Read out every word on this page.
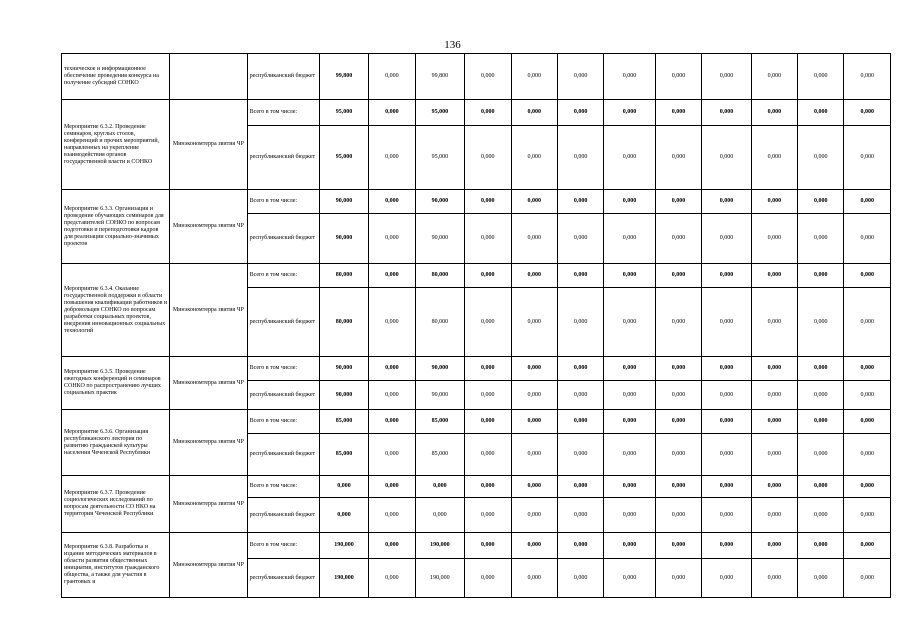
136
техническое и информационное обеспечение проведения конкурса на получение субсидий СОНКО		республиканский бюджет	99,800	0,000	99,800	0,000	0,000	0,000	0,000	0,000	0,000	0,000	0,000	0,000
Мероприятие 6.3.2. Проведение семинаров, круглых столов, конференций и прочих мероприятий, направленных на укрепление взаимодействия органов государственной власти и СОНКО	Минэкономтерра звития ЧР	Всего в том числе:	95,000	0,000	95,000	0,000	0,000	0,000	0,000	0,000	0,000	0,000	0,000	0,000
		республиканский бюджет	95,000	0,000	95,000	0,000	0,000	0,000	0,000	0,000	0,000	0,000	0,000	0,000
Мероприятие 6.3.3. Организация и проведение обучающих семинаров для представителей СОНКО по вопросам подготовки и переподготовки кадров для реализации социально-значимых проектов	Минэкономтерра звития ЧР	Всего в том числе:	90,000	0,000	90,000	0,000	0,000	0,000	0,000	0,000	0,000	0,000	0,000	0,000
		республиканский бюджет	90,000	0,000	90,000	0,000	0,000	0,000	0,000	0,000	0,000	0,000	0,000	0,000
Мероприятие 6.3.4. Оказание государственной поддержки в области повышения квалификации работников и добровольцев СОНКО по вопросам разработки социальных проектов, внедрения инновационных социальных технологий	Минэкономтерра звития ЧР	Всего в том числе:	80,000	0,000	80,000	0,000	0,000	0,000	0,000	0,000	0,000	0,000	0,000	0,000
		республиканский бюджет	80,000	0,000	80,000	0,000	0,000	0,000	0,000	0,000	0,000	0,000	0,000	0,000
Мероприятие 6.3.5. Проведение ежегодных конференций и семинаров СОНКО по распространению лучших социальных практик	Минэкономтерра звития ЧР	Всего в том числе:	90,000	0,000	90,000	0,000	0,000	0,000	0,000	0,000	0,000	0,000	0,000	0,000
		республиканский бюджет	90,000	0,000	90,000	0,000	0,000	0,000	0,000	0,000	0,000	0,000	0,000	0,000
Мероприятие 6.3.6. Организация республиканского лектория по развитию гражданской культуры населения Чеченской Республики	Минэкономтерра звития ЧР	Всего в том числе:	85,000	0,000	85,000	0,000	0,000	0,000	0,000	0,000	0,000	0,000	0,000	0,000
		республиканский бюджет	85,000	0,000	85,000	0,000	0,000	0,000	0,000	0,000	0,000	0,000	0,000	0,000
Мероприятие 6.3.7. Проведение социологических исследований по вопросам деятельности СО НКО на территории Чеченской Республики	Минэкономтерра звития ЧР	Всего в том числе:	0,000	0,000	0,000	0,000	0,000	0,000	0,000	0,000	0,000	0,000	0,000	0,000
		республиканский бюджет	0,000	0,000	0,000	0,000	0,000	0,000	0,000	0,000	0,000	0,000	0,000	0,000
Мероприятие 6.3.8. Разработка и издание методических материалов в области развития общественных инициатив, институтов гражданского общества, а также для участия в грантовых и	Минэкономтерра звития ЧР	Всего в том числе:	190,000	0,000	190,000	0,000	0,000	0,000	0,000	0,000	0,000	0,000	0,000	0,000
		республиканский бюджет	190,000	0,000	190,000	0,000	0,000	0,000	0,000	0,000	0,000	0,000	0,000	0,000
